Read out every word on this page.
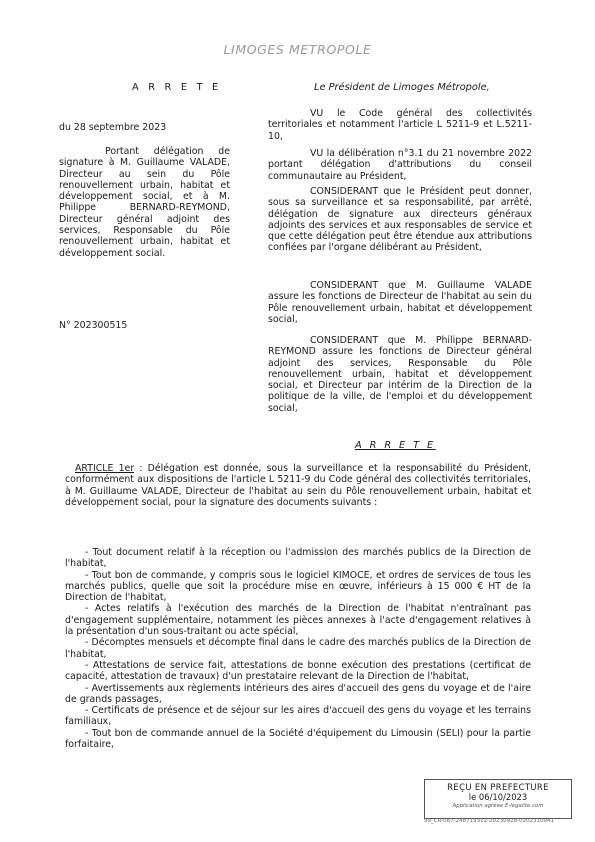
LIMOGES METROPOLE
A R R E T E	Le Président de Limoges Métropole,
du 28 septembre 2023
Portant délégation de signature à M. Guillaume VALADE, Directeur au sein du Pôle renouvellement urbain, habitat et développement social, et à M. Philippe BERNARD-REYMOND, Directeur général adjoint des services, Responsable du Pôle renouvellement urbain, habitat et développement social.
N° 202300515

VU le Code général des collectivités territoriales et notamment l'article L 5211-9 et L.5211-10,

VU la délibération n°3.1 du 21 novembre 2022 portant délégation d'attributions du conseil communautaire au Président,

CONSIDERANT que le Président peut donner, sous sa surveillance et sa responsabilité, par arrêté, délégation de signature aux directeurs généraux adjoints des services et aux responsables de service et que cette délégation peut être étendue aux attributions confiées par l'organe délibérant au Président,

CONSIDERANT que M. Guillaume VALADE assure les fonctions de Directeur de l'habitat au sein du Pôle renouvellement urbain, habitat et développement social,

CONSIDERANT que M. Philippe BERNARD-REYMOND assure les fonctions de Directeur général adjoint des services, Responsable du Pôle renouvellement urbain, habitat et développement social, et Directeur par intérim de la Direction de la politique de la ville, de l'emploi et du développement social,

A R R E T E
ARTICLE 1er : Délégation est donnée, sous la surveillance et la responsabilité du Président, conformément aux dispositions de l'article L 5211-9 du Code général des collectivités territoriales, à M. Guillaume VALADE, Directeur de l'habitat au sein du Pôle renouvellement urbain, habitat et développement social, pour la signature des documents suivants :

- Tout document relatif à la réception ou l'admission des marchés publics de la Direction de l'habitat,

- Tout bon de commande, y compris sous le logiciel KIMOCE, et ordres de services de tous les marchés publics, quelle que soit la procédure mise en œuvre, inférieurs à 15 000 € HT de la Direction de l'habitat,

- Actes relatifs à l'exécution des marchés de la Direction de l'habitat n'entraînant pas d'engagement supplémentaire, notamment les pièces annexes à l'acte d'engagement relatives à la présentation d'un sous-traitant ou acte spécial,

- Décomptes mensuels et décompte final dans le cadre des marchés publics de la Direction de l'habitat,

- Attestations de service fait, attestations de bonne exécution des prestations (certificat de capacité, attestation de travaux) d'un prestataire relevant de la Direction de l'habitat,

- Avertissements aux règlements intérieurs des aires d'accueil des gens du voyage et de l'aire de grands passages,

- Certificats de présence et de séjour sur les aires d'accueil des gens du voyage et les terrains familiaux,

- Tout bon de commande annuel de la Société d'équipement du Limousin (SELI) pour la partie forfaitaire,

REÇU EN PREFECTURE
le 06/10/2023
Application agréée E-legalite.com
99_CR-087-248719312-20230928-0202310941
